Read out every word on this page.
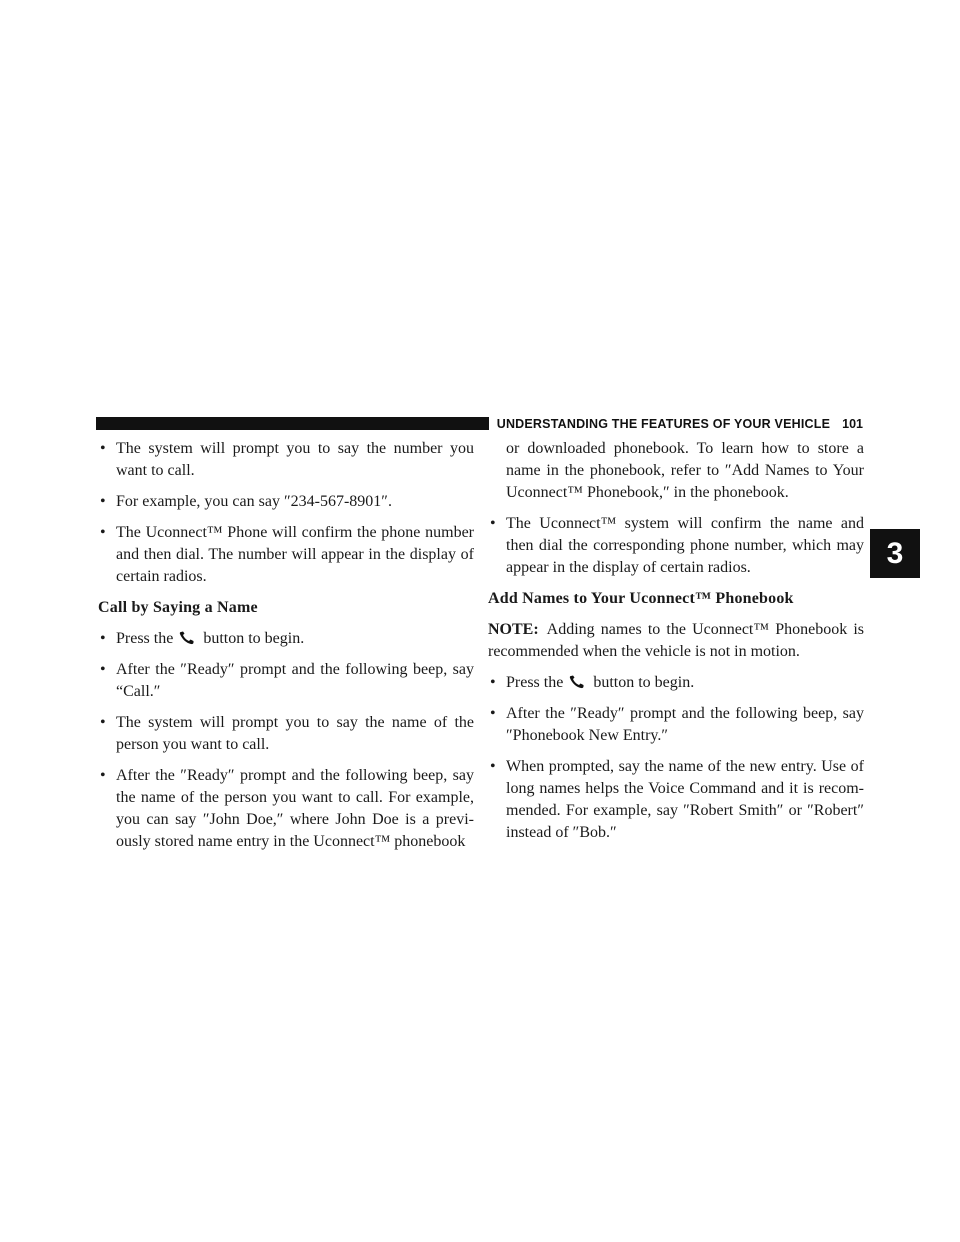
UNDERSTANDING THE FEATURES OF YOUR VEHICLE 101
3
• The system will prompt you to say the number you want to call.
• For example, you can say ″234-567-8901″.
• The Uconnect™ Phone will confirm the phone number and then dial. The number will appear in the display of certain radios.
Call by Saying a Name
• Press the button to begin.
• After the ″Ready″ prompt and the following beep, say “Call.″
• The system will prompt you to say the name of the person you want to call.
• After the ″Ready″ prompt and the following beep, say the name of the person you want to call. For example, you can say ″John Doe,″ where John Doe is a previ- ously stored name entry in the Uconnect™ phonebook
or downloaded phonebook. To learn how to store a name in the phonebook, refer to ″Add Names to Your Uconnect™ Phonebook,″ in the phonebook.
• The Uconnect™ system will confirm the name and then dial the corresponding phone number, which may appear in the display of certain radios.
Add Names to Your Uconnect™ Phonebook
NOTE: Adding names to the Uconnect™ Phonebook is recommended when the vehicle is not in motion.
• Press the button to begin.
• After the ″Ready″ prompt and the following beep, say ″Phonebook New Entry.″
• When prompted, say the name of the new entry. Use of long names helps the Voice Command and it is recom- mended. For example, say ″Robert Smith″ or ″Robert″ instead of ″Bob.″
